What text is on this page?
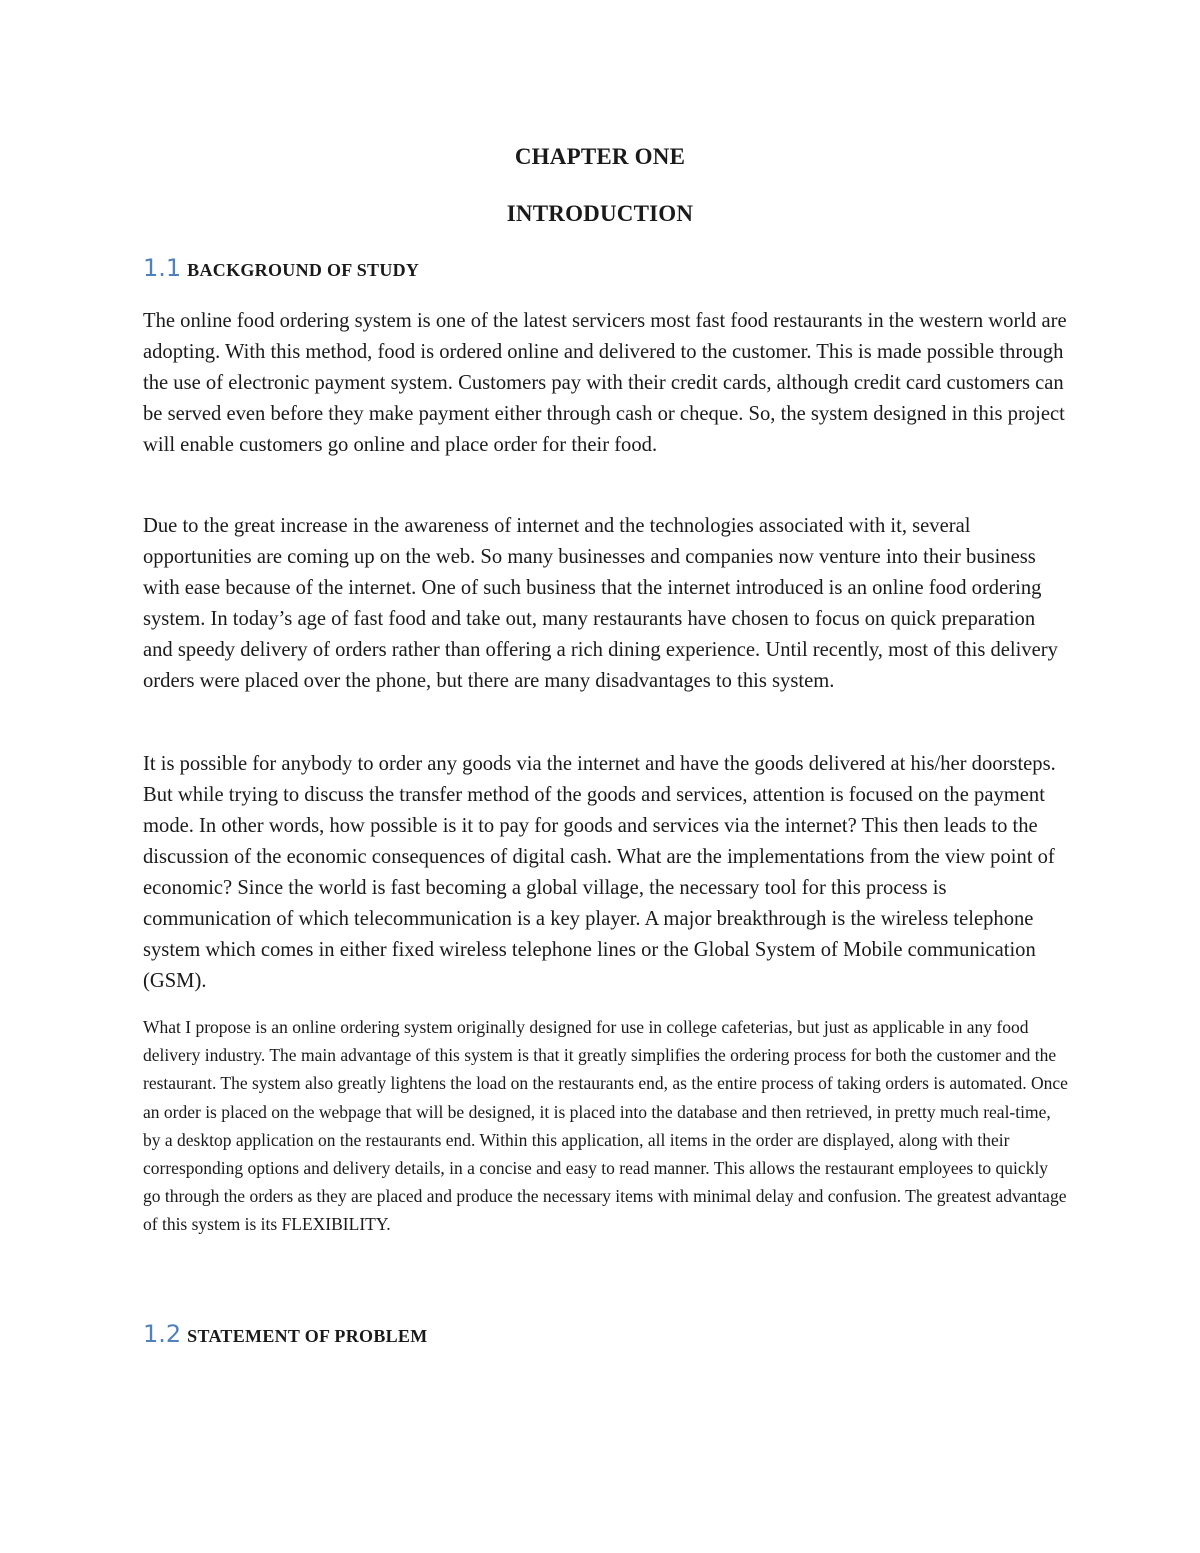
CHAPTER ONE
INTRODUCTION
1.1 BACKGROUND OF STUDY

The online food ordering system is one of the latest servicers most fast food restaurants in the western world are adopting. With this method, food is ordered online and delivered to the customer. This is made possible through the use of electronic payment system. Customers pay with their credit cards, although credit card customers can be served even before they make payment either through cash or cheque. So, the system designed in this project will enable customers go online and place order for their food.

Due to the great increase in the awareness of internet and the technologies associated with it, several opportunities are coming up on the web. So many businesses and companies now venture into their business with ease because of the internet. One of such business that the internet introduced is an online food ordering system. In today’s age of fast food and take out, many restaurants have chosen to focus on quick preparation and speedy delivery of orders rather than offering a rich dining experience. Until recently, most of this delivery orders were placed over the phone, but there are many disadvantages to this system.

It is possible for anybody to order any goods via the internet and have the goods delivered at his/her doorsteps. But while trying to discuss the transfer method of the goods and services, attention is focused on the payment mode. In other words, how possible is it to pay for goods and services via the internet? This then leads to the discussion of the economic consequences of digital cash. What are the implementations from the view point of economic? Since the world is fast becoming a global village, the necessary tool for this process is communication of which telecommunication is a key player. A major breakthrough is the wireless telephone system which comes in either fixed wireless telephone lines or the Global System of Mobile communication (GSM).

What I propose is an online ordering system originally designed for use in college cafeterias, but just as applicable in any food delivery industry. The main advantage of this system is that it greatly simplifies the ordering process for both the customer and the restaurant. The system also greatly lightens the load on the restaurants end, as the entire process of taking orders is automated. Once an order is placed on the webpage that will be designed, it is placed into the database and then retrieved, in pretty much real-time, by a desktop application on the restaurants end. Within this application, all items in the order are displayed, along with their corresponding options and delivery details, in a concise and easy to read manner. This allows the restaurant employees to quickly go through the orders as they are placed and produce the necessary items with minimal delay and confusion. The greatest advantage of this system is its FLEXIBILITY.

1.2 STATEMENT OF PROBLEM
